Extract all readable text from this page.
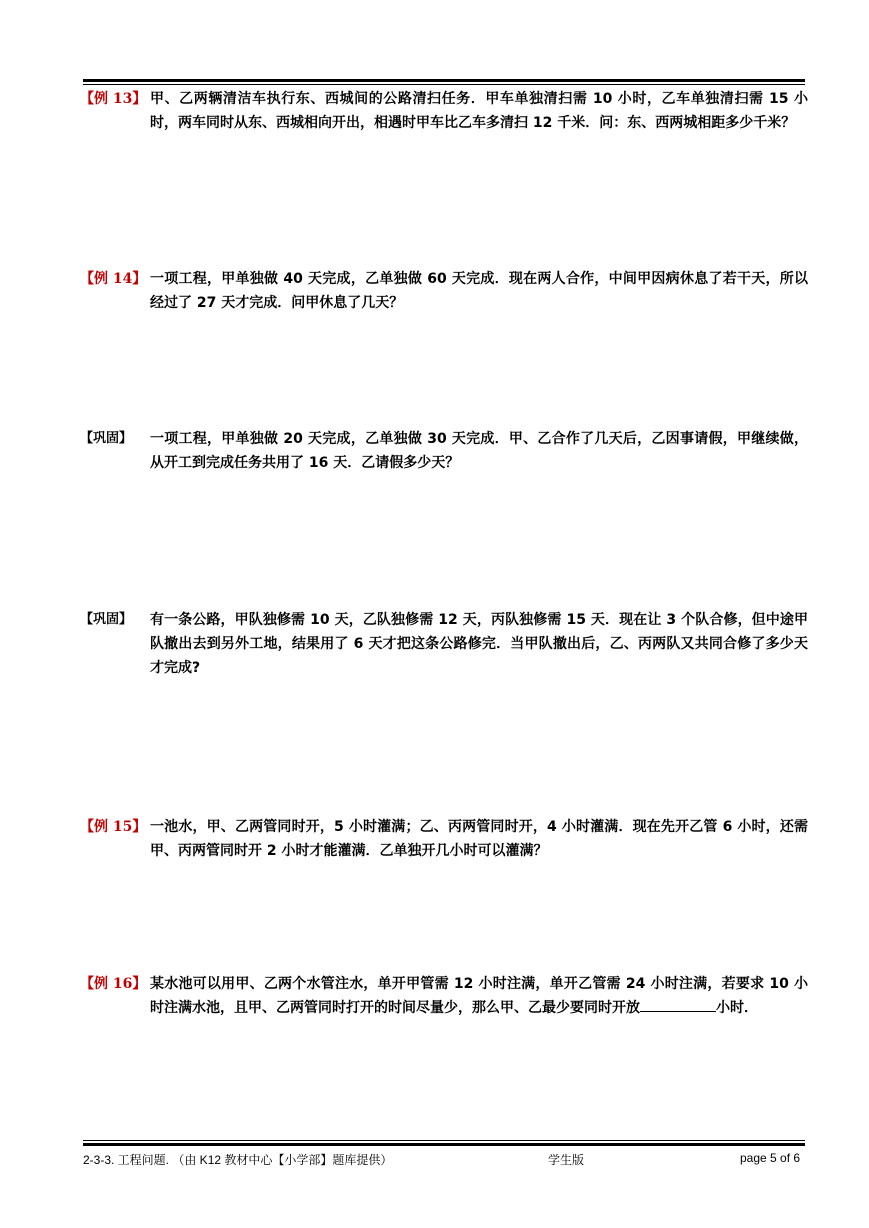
【例 13】 甲、乙两辆清洁车执行东、西城间的公路清扫任务．甲车单独清扫需 10 小时，乙车单独清扫需 15 小时，两车同时从东、西城相向开出，相遇时甲车比乙车多清扫 12 千米．问：东、西两城相距多少千米？
【例 14】 一项工程，甲单独做 40 天完成，乙单独做 60 天完成．现在两人合作，中间甲因病休息了若干天，所以经过了 27 天才完成．问甲休息了几天？
【巩固】 一项工程，甲单独做 20 天完成，乙单独做 30 天完成．甲、乙合作了几天后，乙因事请假，甲继续做，从开工到完成任务共用了 16 天．乙请假多少天？
【巩固】 有一条公路，甲队独修需 10 天，乙队独修需 12 天，丙队独修需 15 天．现在让 3 个队合修，但中途甲队撤出去到另外工地，结果用了 6 天才把这条公路修完．当甲队撤出后，乙、丙两队又共同合修了多少天才完成?
【例 15】 一池水，甲、乙两管同时开，5 小时灌满；乙、丙两管同时开，4 小时灌满．现在先开乙管 6 小时，还需甲、丙两管同时开 2 小时才能灌满．乙单独开几小时可以灌满？
【例 16】 某水池可以用甲、乙两个水管注水，单开甲管需 12 小时注满，单开乙管需 24 小时注满，若要求 10 小时注满水池，且甲、乙两管同时打开的时间尽量少，那么甲、乙最少要同时开放	小时．
2-3-3. 工程问题. （由 K12 教材中心【小学部】题库提供）	学生版	page 5 of 6
